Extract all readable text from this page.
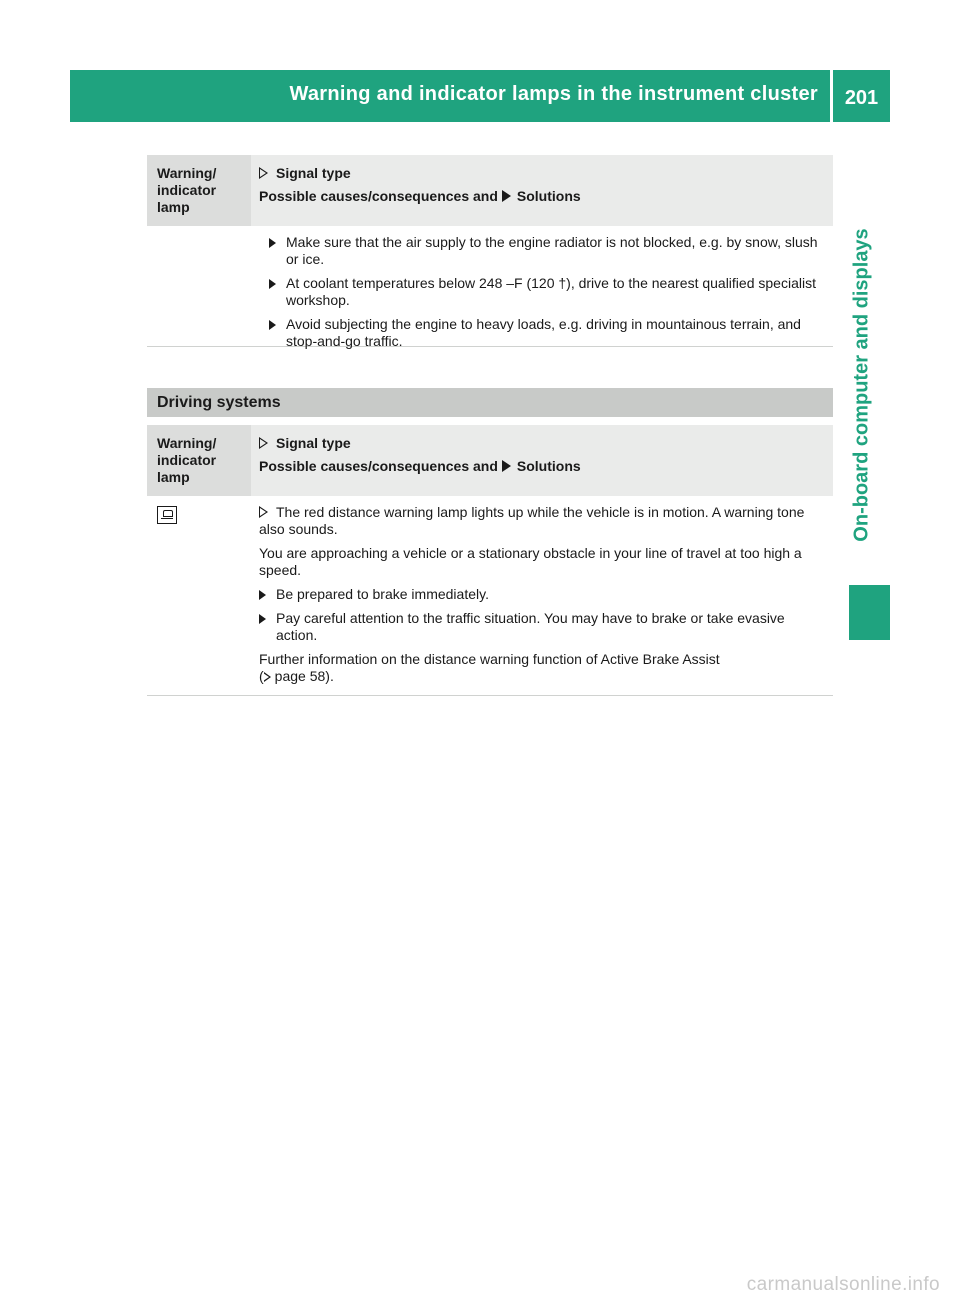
Warning and indicator lamps in the instrument cluster	201
On-board computer and displays
Warning/ indicator lamp
Signal type
Possible causes/consequences and Solutions
Make sure that the air supply to the engine radiator is not blocked, e.g. by snow, slush or ice.
At coolant temperatures below 248 ‒F (120 †), drive to the nearest qualified specialist workshop.
Avoid subjecting the engine to heavy loads, e.g. driving in mountainous terrain, and stop-and-go traffic.
Driving systems
Warning/ indicator lamp
Signal type
Possible causes/consequences and Solutions
The red distance warning lamp lights up while the vehicle is in motion. A warning tone also sounds.
You are approaching a vehicle or a stationary obstacle in your line of travel at too high a speed.
Be prepared to brake immediately.
Pay careful attention to the traffic situation. You may have to brake or take evasive action.
Further information on the distance warning function of Active Brake Assist
( page 58).
carmanualsonline.info
